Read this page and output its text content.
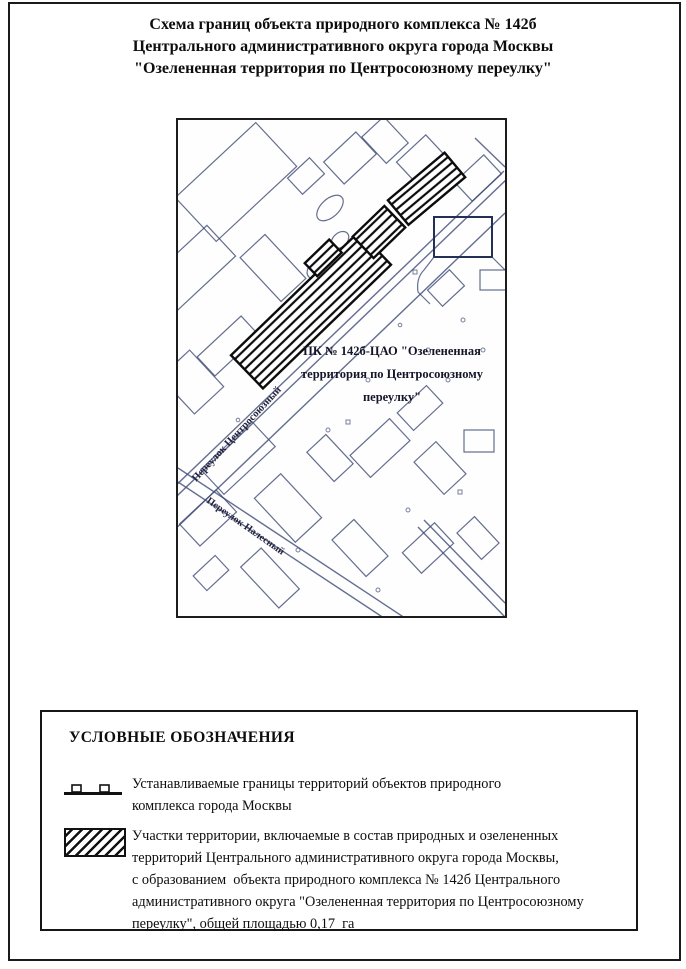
Схема границ объекта природного комплекса № 142б
Центрального административного округа города Москвы
"Озелененная территория по Центросоюзному переулку"
Переулок Центросоюзный
Переулок Налесный
ПК № 142б-ЦАО "Озелененная
территория по Центросоюзному
переулку"
УСЛОВНЫЕ ОБОЗНАЧЕНИЯ
Устанавливаемые границы территорий объектов природного
комплекса города Москвы
Участки территории, включаемые в состав природных и озелененных
территорий Центрального административного округа города Москвы,
с образованием  объекта природного комплекса № 142б Центрального
административного округа "Озелененная территория по Центросоюзному
переулку", общей площадью 0,17  га
